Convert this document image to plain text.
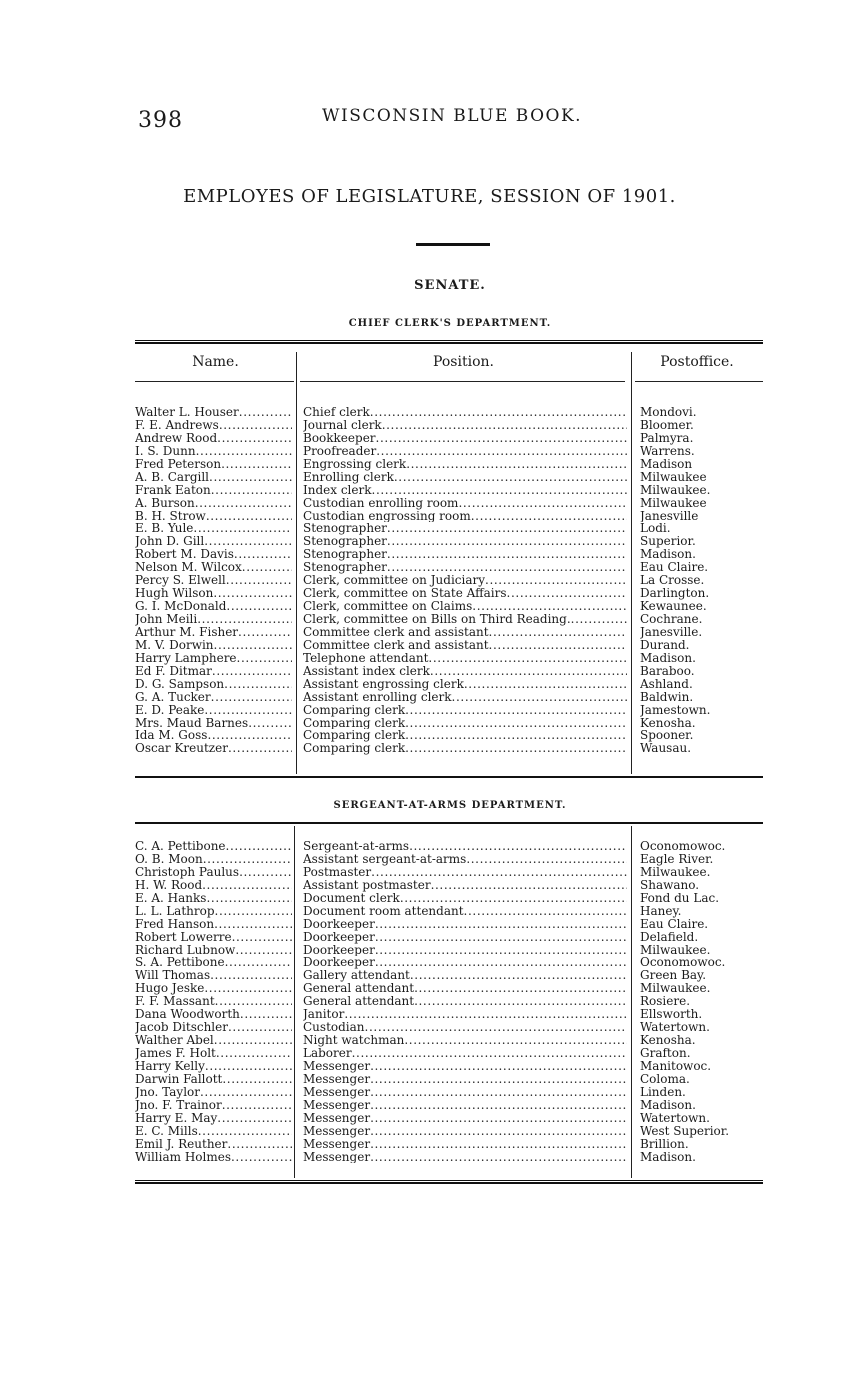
398	WISCONSIN BLUE BOOK.
EMPLOYES OF LEGISLATURE, SESSION OF 1901.
SENATE.
CHIEF CLERK'S DEPARTMENT.
Name.	Position.	Postoffice.
Walter L. Houser . . .	Chief clerk . . .	Mondovi.
F. E. Andrews . . .	Journal clerk . . .	Bloomer.
Andrew Rood . . .	Bookkeeper . . .	Palmyra.
I. S. Dunn . . .	Proofreader . . .	Warrens.
Fred Peterson . . .	Engrossing clerk . . .	Madison
A. B. Cargill . . .	Enrolling clerk . . .	Milwaukee
Frank Eaton . . .	Index clerk . . .	Milwaukee.
A. Burson . . .	Custodian enrolling room . . .	Milwaukee
B. H. Strow . . .	Custodian engrossing room . . .	Janesville
E. B. Yule . . .	Stenographer . . .	Lodi.
John D. Gill . . .	Stenographer . . .	Superior.
Robert M. Davis . . .	Stenographer . . .	Madison.
Nelson M. Wilcox . . .	Stenographer . . .	Eau Claire.
Percy S. Elwell . . .	Clerk, committee on Judiciary . . .	La Crosse.
Hugh Wilson . . .	Clerk, committee on State Affairs . . .	Darlington.
G. I. McDonald . . .	Clerk, committee on Claims . . .	Kewaunee.
John Meili . . .	Clerk, committee on Bills on Third Reading. . . .	Cochrane.
Arthur M. Fisher . . .	Committee clerk and assistant . . .	Janesville.
M. V. Dorwin . . .	Committee clerk and assistant . . .	Durand.
Harry Lamphere . . .	Telephone attendant . . .	Madison.
Ed F. Ditmar . . .	Assistant index clerk . . .	Baraboo.
D. G. Sampson . . .	Assistant engrossing clerk . . .	Ashland.
G. A. Tucker . . .	Assistant enrolling clerk . . .	Baldwin.
E. D. Peake . . .	Comparing clerk . . .	Jamestown.
Mrs. Maud Barnes . . .	Comparing clerk . . .	Kenosha.
Ida M. Goss . . .	Comparing clerk . . .	Spooner.
Oscar Kreutzer . . .	Comparing clerk . . .	Wausau.
SERGEANT-AT-ARMS DEPARTMENT.
C. A. Pettibone . . .	Sergeant-at-arms . . .	Oconomowoc.
O. B. Moon . . .	Assistant sergeant-at-arms . . .	Eagle River.
Christoph Paulus . . .	Postmaster . . .	Milwaukee.
H. W. Rood . . .	Assistant postmaster . . .	Shawano.
E. A. Hanks . . .	Document clerk . . .	Fond du Lac.
L. L. Lathrop . . .	Document room attendant . . .	Haney.
Fred Hanson . . .	Doorkeeper . . .	Eau Claire.
Robert Lowerre . . .	Doorkeeper . . .	Delafield.
Richard Lubnow . . .	Doorkeeper . . .	Milwaukee.
S. A. Pettibone . . .	Doorkeeper . . .	Oconomowoc.
Will Thomas . . .	Gallery attendant . . .	Green Bay.
Hugo Jeske . . .	General attendant . . .	Milwaukee.
F. F. Massant . . .	General attendant . . .	Rosiere.
Dana Woodworth . . .	Janitor . . .	Ellsworth.
Jacob Ditschler . . .	Custodian . . .	Watertown.
Walther Abel . . .	Night watchman . . .	Kenosha.
James F. Holt . . .	Laborer . . .	Grafton.
Harry Kelly . . .	Messenger . . .	Manitowoc.
Darwin Fallott . . .	Messenger . . .	Coloma.
Jno. Taylor . . .	Messenger . . .	Linden.
Jno. F. Trainor . . .	Messenger . . .	Madison.
Harry E. May . . .	Messenger . . .	Watertown.
E. C. Mills . . .	Messenger . . .	West Superior.
Emil J. Reuther . . .	Messenger . . .	Brillion.
William Holmes . . .	Messenger . . .	Madison.
